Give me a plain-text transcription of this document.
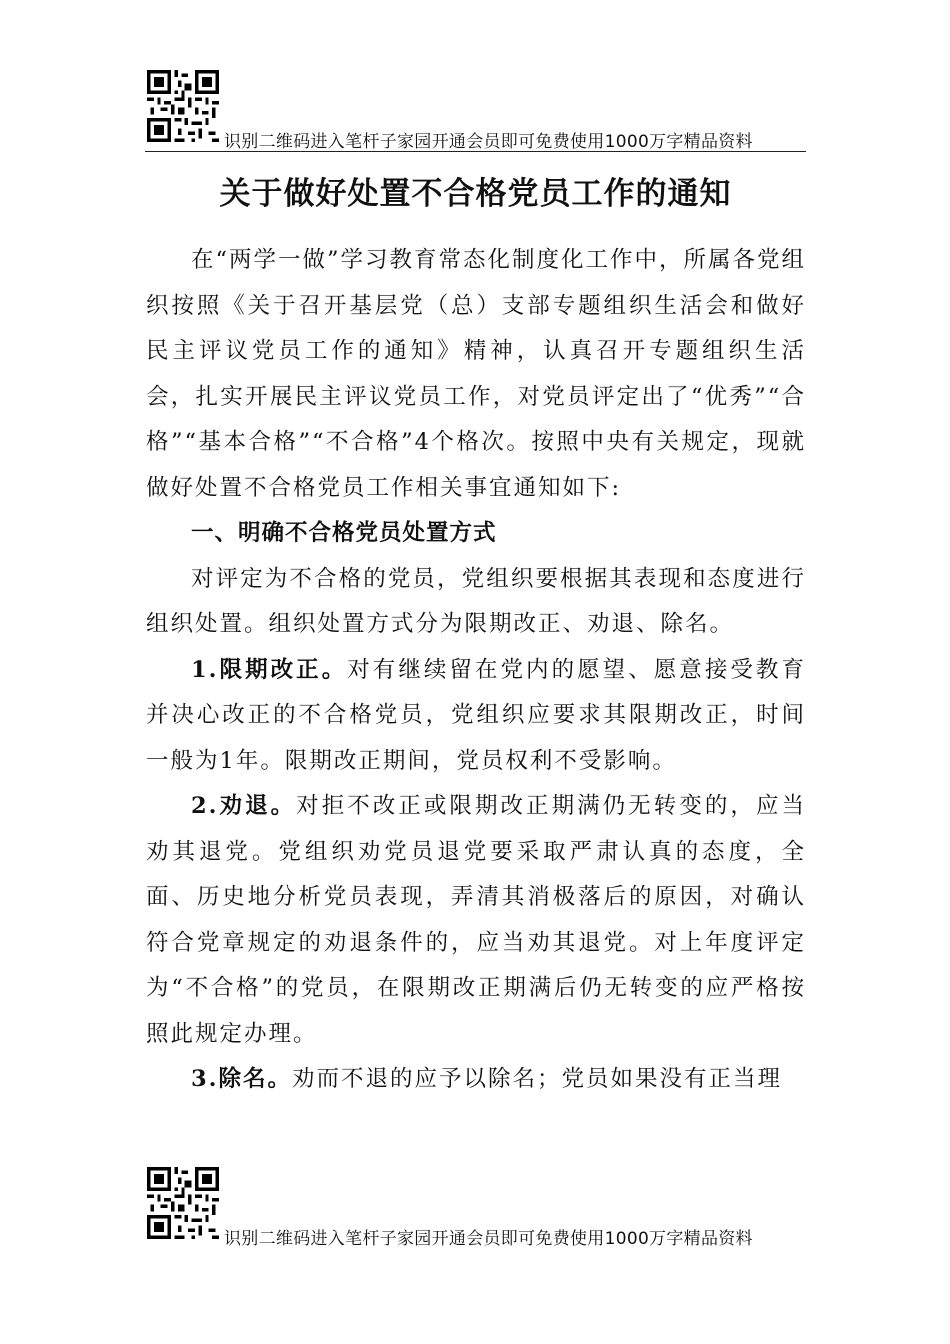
识别二维码进入笔杆子家园开通会员即可免费使用1000万字精品资料
关于做好处置不合格党员工作的通知

在“两学一做”学习教育常态化制度化工作中，所属各党组织按照《关于召开基层党（总）支部专题组织生活会和做好民主评议党员工作的通知》精神，认真召开专题组织生活会，扎实开展民主评议党员工作，对党员评定出了“优秀”“合格”“基本合格”“不合格”4个格次。按照中央有关规定，现就做好处置不合格党员工作相关事宜通知如下:

一、明确不合格党员处置方式

对评定为不合格的党员，党组织要根据其表现和态度进行组织处置。组织处置方式分为限期改正、劝退、除名。

1.限期改正。对有继续留在党内的愿望、愿意接受教育并决心改正的不合格党员，党组织应要求其限期改正，时间一般为1年。限期改正期间，党员权利不受影响。

2.劝退。对拒不改正或限期改正期满仍无转变的，应当劝其退党。党组织劝党员退党要采取严肃认真的态度，全面、历史地分析党员表现，弄清其消极落后的原因，对确认符合党章规定的劝退条件的，应当劝其退党。对上年度评定为“不合格”的党员，在限期改正期满后仍无转变的应严格按照此规定办理。

3.除名。劝而不退的应予以除名；党员如果没有正当理

识别二维码进入笔杆子家园开通会员即可免费使用1000万字精品资料
